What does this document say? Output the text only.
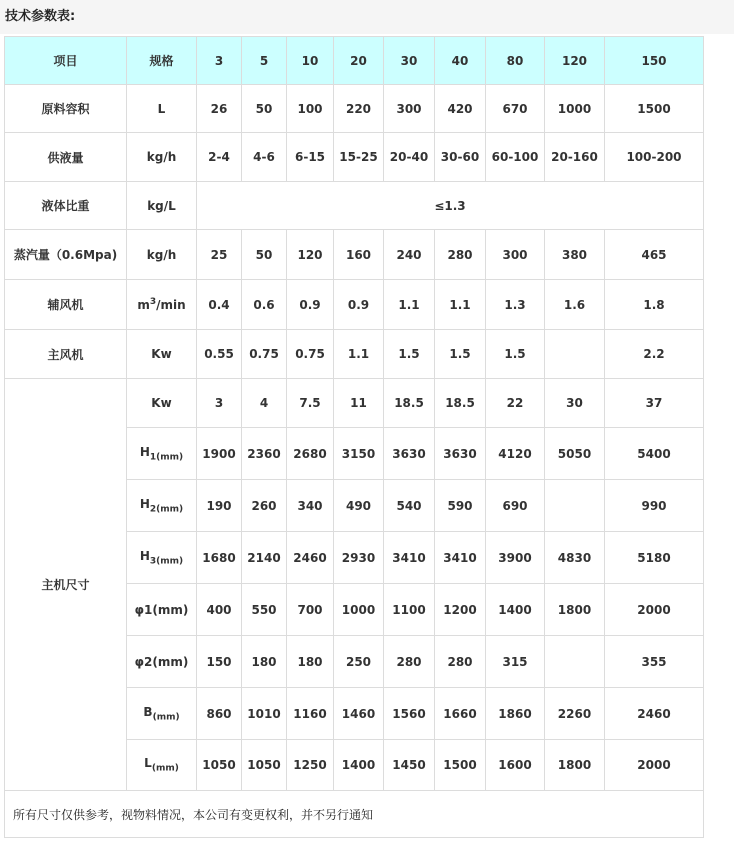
技术参数表:
项目	规格	3	5	10	20	30	40	80	120	150
原料容积	L	26	50	100	220	300	420	670	1000	1500
供液量	kg/h	2-4	4-6	6-15	15-25	20-40	30-60	60-100	20-160	100-200
液体比重	kg/L	≤1.3								
蒸汽量（0.6Mpa)	kg/h	25	50	120	160	240	280	300	380	465
辅风机	$m^3/\min$	0.4	0.6	0.9	0.9	1.1	1.1	1.3	1.6	1.8
主风机	Kw	0.55	0.75	0.75	1.1	1.5	1.5	1.5		2.2
主机尺寸	Kw	3	4	7.5	11	18.5	18.5	22	30	37
	$H_{1(mm)}$	1900	2360	2680	3150	3630	3630	4120	5050	5400
	$H_{2(mm)}$	190	260	340	490	540	590	690		990
	$H_{3(mm)}$	1680	2140	2460	2930	3410	3410	3900	4830	5180
	φ1(mm)	400	550	700	1000	1100	1200	1400	1800	2000
	φ2(mm)	150	180	180	250	280	280	315		355
	$B_{(mm)}$	860	1010	1160	1460	1560	1660	1860	2260	2460
	$L_{(mm)}$	1050	1050	1250	1400	1450	1500	1600	1800	2000
所有尺寸仅供参考，视物料情况，本公司有变更权利，并不另行通知										
